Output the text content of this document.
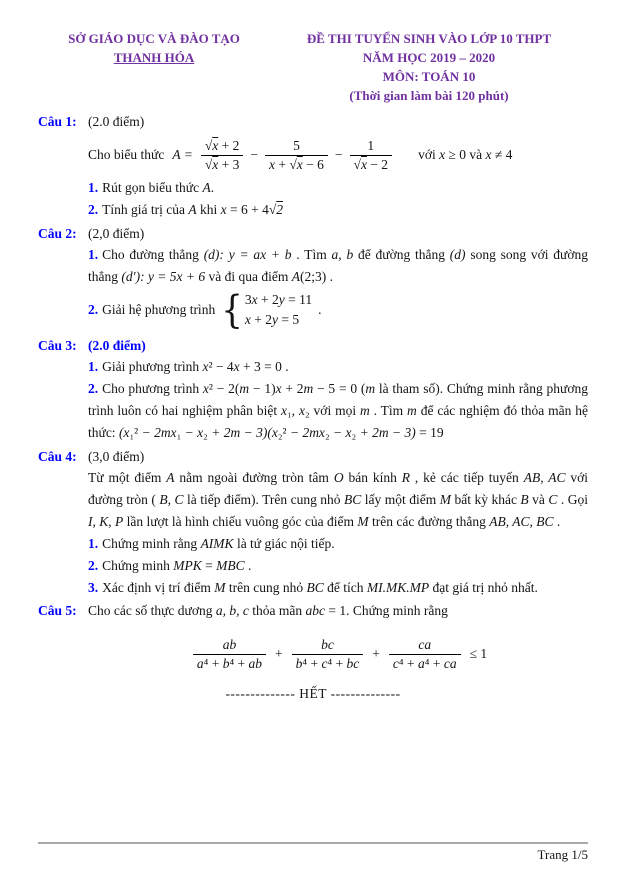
SỞ GIÁO DỤC VÀ ĐÀO TẠO
THANH HÓA
ĐỀ THI TUYỂN SINH VÀO LỚP 10 THPT
NĂM HỌC 2019 – 2020
MÔN: TOÁN 10
(Thời gian làm bài 120 phút)
Câu 1: (2.0 điểm)
Cho biểu thức $A = \frac{√x + 2}{√x + 3} - \frac{5}{x + √x - 6} - \frac{1}{√x - 2}$ với x ≥ 0 và x ≠ 4
1. Rút gọn biểu thức A.
2. Tính giá trị của A khi x = 6 + 4√2
Câu 2: (2,0 điểm)
1. Cho đường thẳng (d): y = ax + b . Tìm a, b để đường thẳng (d) song song với đường thẳng (d′): y = 5x + 6 và đi qua điểm A(2;3) .
2. Giải hệ phương trình { 3x + 2y = 11
x + 2y = 5
.
Câu 3: (2.0 điểm)
1. Giải phương trình x² − 4x + 3 = 0 .
2. Cho phương trình x² − 2(m − 1)x + 2m − 5 = 0 (m là tham số). Chứng minh rằng phương trình luôn có hai nghiệm phân biệt x₁, x₂ với mọi m . Tìm m để các nghiệm đó thỏa mãn hệ thức: (x₁² − 2mx₁ − x₂ + 2m − 3)(x₂² − 2mx₂ − x₂ + 2m − 3) = 19
Câu 4: (3,0 điểm)
Từ một điểm A nằm ngoài đường tròn tâm O bán kính R , kẻ các tiếp tuyến AB, AC với đường tròn ( B, C là tiếp điểm). Trên cung nhỏ BC lấy một điểm M bất kỳ khác B và C . Gọi I, K, P lần lượt là hình chiếu vuông góc của điểm M trên các đường thẳng AB, AC, BC .
1. Chứng minh rằng AIMK là tứ giác nội tiếp.
2. Chứng minh MPK = MBC .
3. Xác định vị trí điểm M trên cung nhỏ BC để tích MI.MK.MP đạt giá trị nhỏ nhất.
Câu 5: Cho các số thực dương a, b, c thỏa mãn abc = 1. Chứng minh rằng
$\frac{ab}{\text{a⁴ + b⁴ + ab}} + \frac{bc}{\text{b⁴ + c⁴ + bc}} + \frac{ca}{\text{c⁴ + a⁴ + ca}} \le 1$
-------------- HẾT --------------
Trang 1/5
